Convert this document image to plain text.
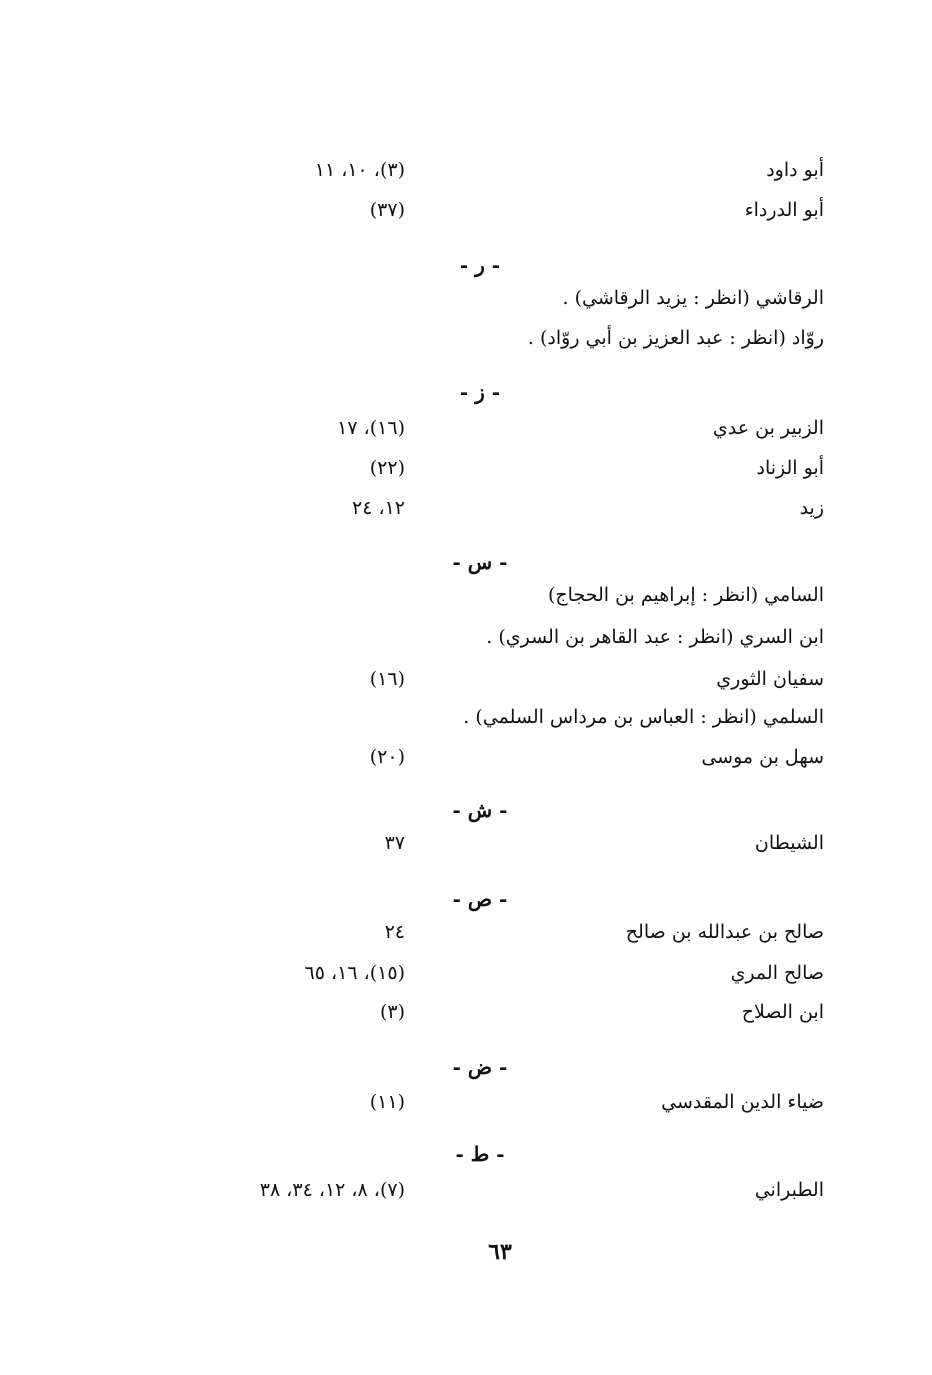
أبو داود
(٣)، ١٠، ١١
أبو الدرداء
(٣٧)
- ر -
الرقاشي (انظر : يزيد الرقاشي) .
روّاد (انظر : عبد العزيز بن أبي روّاد) .
- ز -
الزبير بن عدي
(١٦)، ١٧
أبو الزناد
(٢٢)
زيد
١٢، ٢٤
- س -
السامي (انظر : إبراهيم بن الحجاج)
ابن السري (انظر : عبد القاهر بن السري) .
سفيان الثوري
(١٦)
السلمي (انظر : العباس بن مرداس السلمي) .
سهل بن موسى
(٢٠)
- ش -
الشيطان
٣٧
- ص -
صالح بن عبدالله بن صالح
٢٤
صالح المري
(١٥)، ١٦، ٦٥
ابن الصلاح
(٣)
- ض -
ضياء الدين المقدسي
(١١)
- ط -
الطبراني
(٧)، ٨، ١٢، ٣٤، ٣٨
٦٣
